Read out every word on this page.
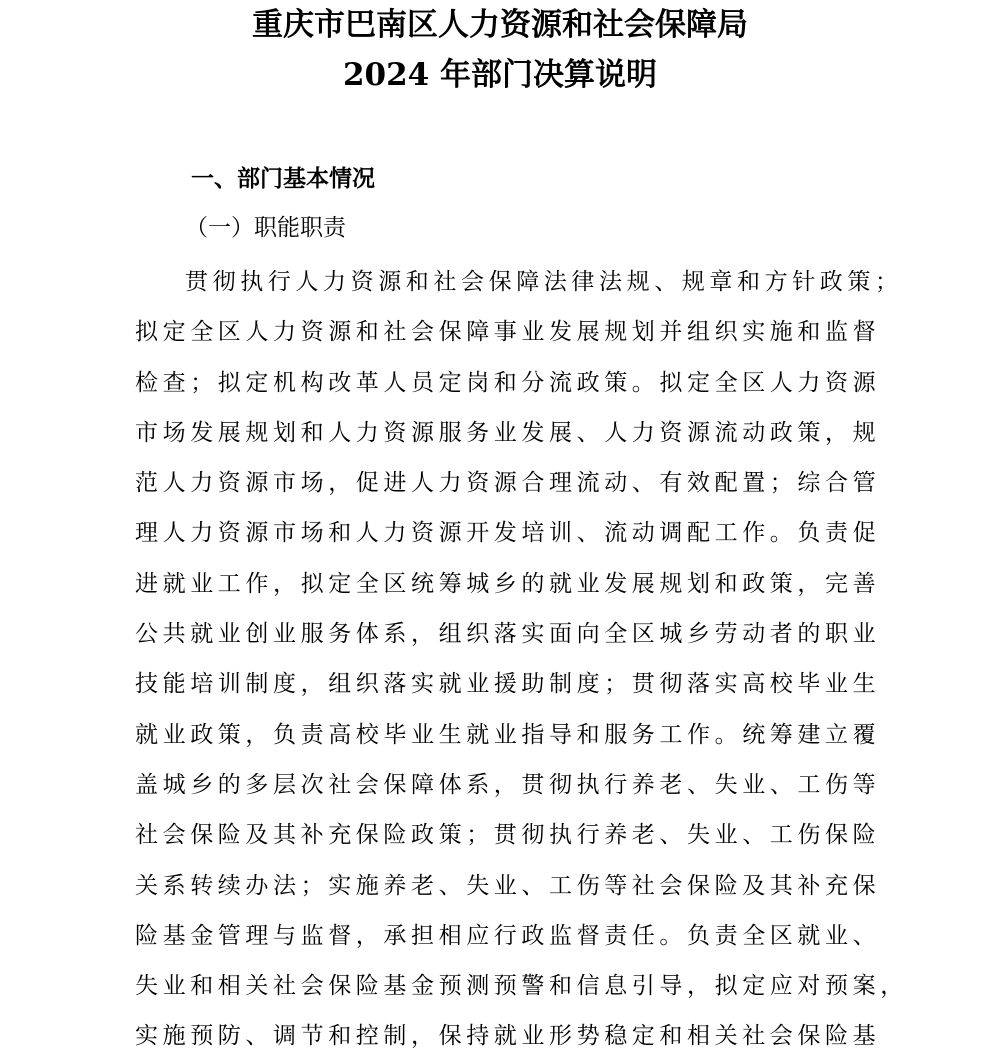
重庆市巴南区人力资源和社会保障局
2024 年部门决算说明
一、部门基本情况
（一）职能职责
贯彻执行人力资源和社会保障法律法规、规章和方针政策；
拟定全区人力资源和社会保障事业发展规划并组织实施和监督
检查；拟定机构改革人员定岗和分流政策。拟定全区人力资源
市场发展规划和人力资源服务业发展、人力资源流动政策，规
范人力资源市场，促进人力资源合理流动、有效配置；综合管
理人力资源市场和人力资源开发培训、流动调配工作。负责促
进就业工作，拟定全区统筹城乡的就业发展规划和政策，完善
公共就业创业服务体系，组织落实面向全区城乡劳动者的职业
技能培训制度，组织落实就业援助制度；贯彻落实高校毕业生
就业政策，负责高校毕业生就业指导和服务工作。统筹建立覆
盖城乡的多层次社会保障体系，贯彻执行养老、失业、工伤等
社会保险及其补充保险政策；贯彻执行养老、失业、工伤保险
关系转续办法；实施养老、失业、工伤等社会保险及其补充保
险基金管理与监督，承担相应行政监督责任。负责全区就业、
失业和相关社会保险基金预测预警和信息引导，拟定应对预案，
实施预防、调节和控制，保持就业形势稳定和相关社会保险基
